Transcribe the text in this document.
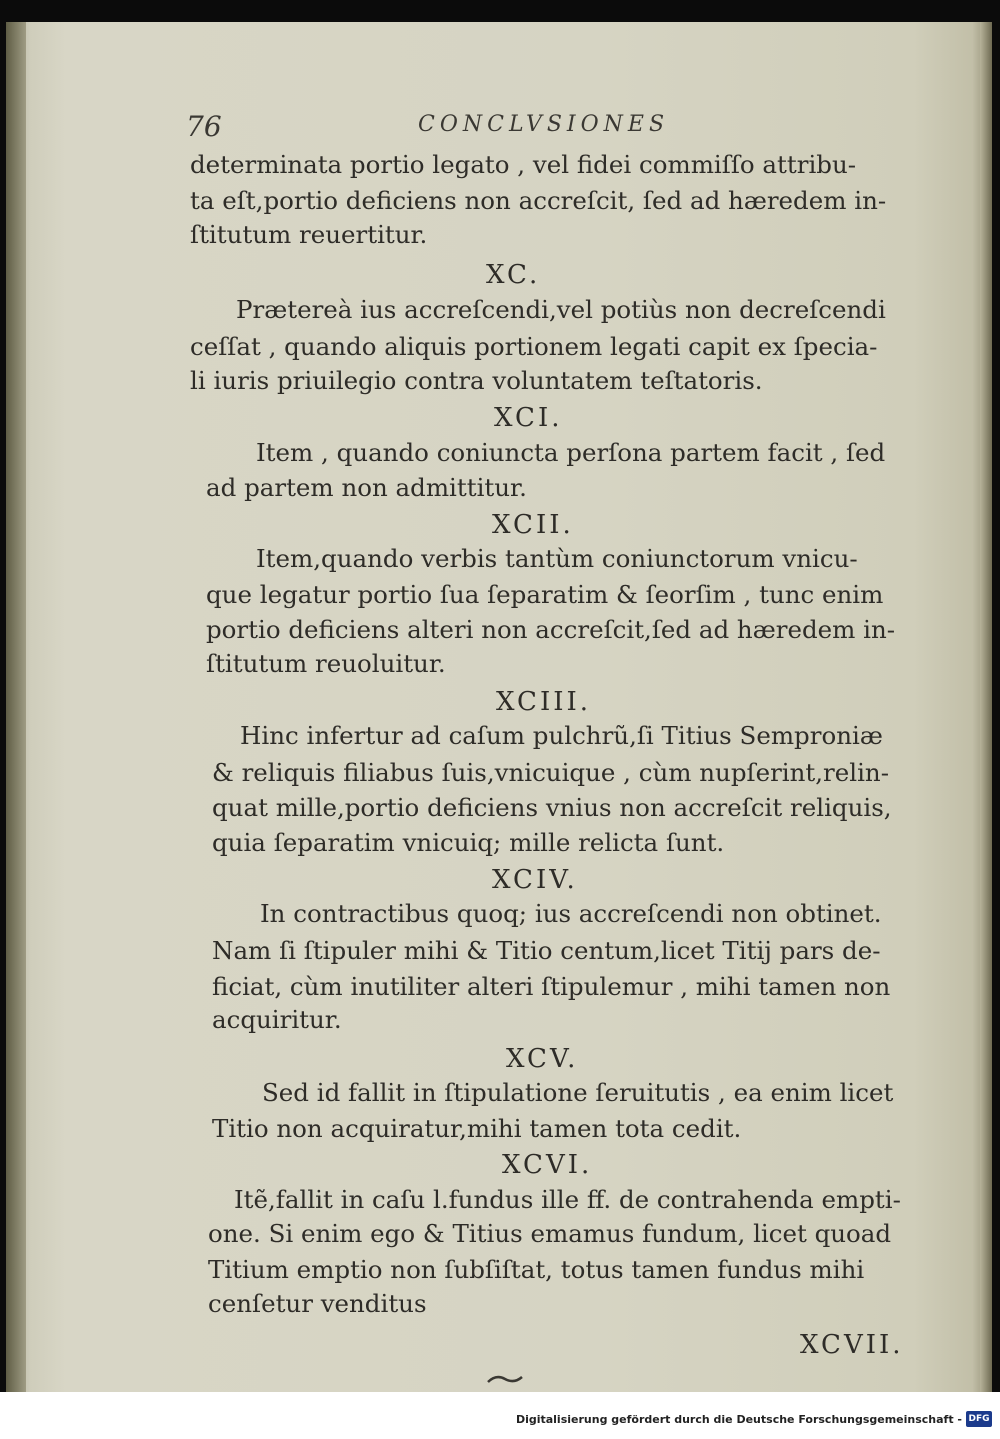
76	CONCLVSIONES
determinata portio legato , vel fidei commiſſo attribu-
ta eſt,portio deficiens non accreſcit, ſed ad hæredem in-
ſtitutum reuertitur.
XC.
Prӕtereà ius accreſcendi,vel potiùs non decreſcendi
ceſſat , quando aliquis portionem legati capit ex ſpecia-
li iuris priuilegio contra voluntatem teſtatoris.
XCI.
Item , quando coniuncta perſona partem facit , ſed
ad partem non admittitur.
XCII.
Item,quando verbis tantùm coniunctorum vnicu-
que legatur portio ſua ſeparatim & ſeorſim , tunc enim
portio deficiens alteri non accreſcit,ſed ad hæredem in-
ſtitutum reuoluitur.
XCIII.
Hinc infertur ad caſum pulchrũ,ſi Titius Semproniæ
& reliquis filiabus ſuis,vnicuique , cùm nupſerint,relin-
quat mille,portio deficiens vnius non accreſcit reliquis,
quia ſeparatim vnicuiq; mille relicta ſunt.
XCIV.
In contractibus quoq; ius accreſcendi non obtinet.
Nam ſi ſtipuler mihi & Titio centum,licet Titij pars de-
ficiat, cùm inutiliter alteri ſtipulemur , mihi tamen non
acquiritur.
XCV.
Sed id fallit in ſtipulatione ſeruitutis , ea enim licet
Titio non acquiratur,mihi tamen tota cedit.
XCVI.
Itẽ,fallit in caſu l.fundus ille ff. de contrahenda empti-
one. Si enim ego & Titius emamus fundum, licet quoad
Titium emptio non ſubſiſtat, totus tamen fundus mihi
cenſetur venditus
XCVII.
Digitalisierung gefördert durch die Deutsche Forschungsgemeinschaft - DFG
